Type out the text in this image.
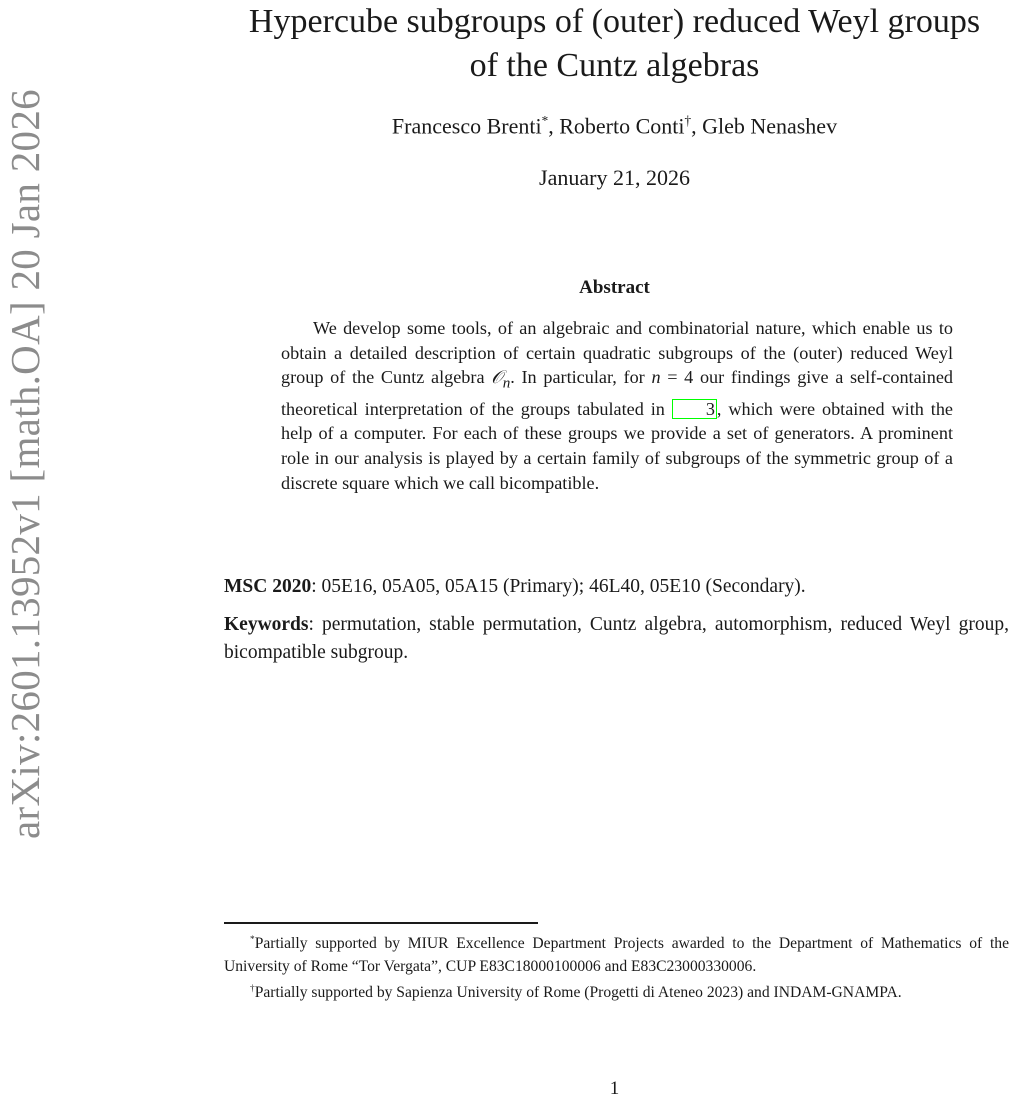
arXiv:2601.13952v1 [math.OA] 20 Jan 2026
Hypercube subgroups of (outer) reduced Weyl groups
of the Cuntz algebras
Francesco Brenti*, Roberto Conti†, Gleb Nenashev
January 21, 2026
Abstract
We develop some tools, of an algebraic and combinatorial nature, which enable us to obtain a detailed description of certain quadratic subgroups of the (outer) reduced Weyl group of the Cuntz algebra 𝒪$_n$. In particular, for n = 4 our findings give a self-contained theoretical interpretation of the groups tabulated in 3 , which were obtained with the help of a computer. For each of these groups we provide a set of generators. A prominent role in our analysis is played by a certain family of subgroups of the symmetric group of a discrete square which we call bicompatible.
MSC 2020: 05E16, 05A05, 05A15 (Primary); 46L40, 05E10 (Secondary).
Keywords: permutation, stable permutation, Cuntz algebra, automorphism, reduced Weyl group, bicompatible subgroup.

*Partially supported by MIUR Excellence Department Projects awarded to the Department of Mathematics of the University of Rome “Tor Vergata”, CUP E83C18000100006 and E83C23000330006.

†Partially supported by Sapienza University of Rome (Progetti di Ateneo 2023) and INDAM-GNAMPA.

1
